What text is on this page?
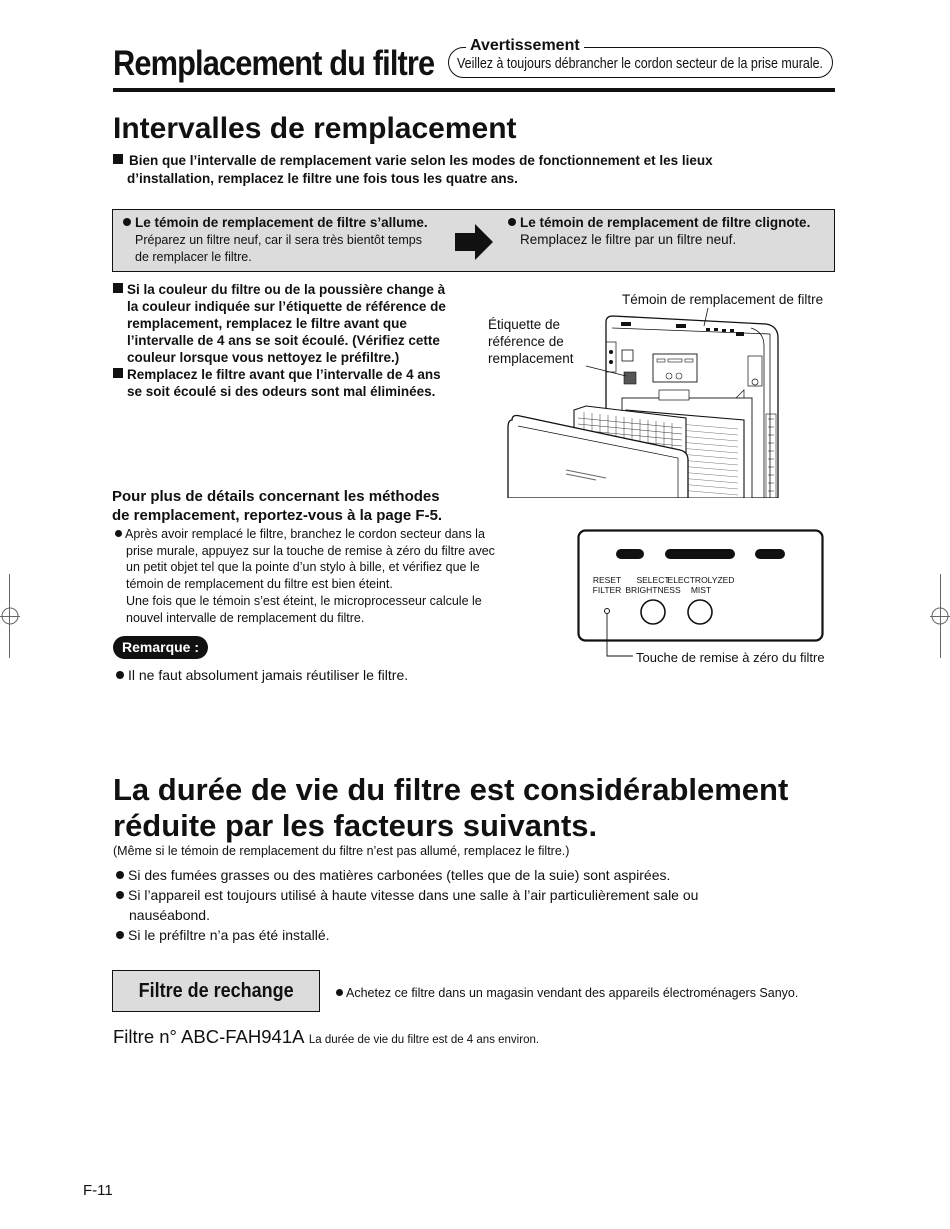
Remplacement du filtre Avertissement
Veillez à toujours débrancher le cordon secteur de la prise murale.
Intervalles de remplacement
Bien que l’intervalle de remplacement varie selon les modes de fonctionnement et les lieux
d’installation, remplacez le filtre une fois tous les quatre ans.
Le témoin de remplacement de filtre s’allume.
Préparez un filtre neuf, car il sera très bientôt temps
de remplacer le filtre.
Le témoin de remplacement de filtre clignote.
Remplacez le filtre par un filtre neuf.
Si la couleur du filtre ou de la poussière change à la couleur indiquée sur l’étiquette de référence de remplacement, remplacez le filtre avant que l’intervalle de 4 ans se soit écoulé. (Vérifiez cette couleur lorsque vous nettoyez le préfiltre.)
Remplacez le filtre avant que l’intervalle de 4 ans se soit écoulé si des odeurs sont mal éliminées.
Témoin de remplacement de filtre
Étiquette de
référence de
remplacement
Pour plus de détails concernant les méthodes
de remplacement, reportez-vous à la page F-5.
Après avoir remplacé le filtre, branchez le cordon secteur dans la
prise murale, appuyez sur la touche de remise à zéro du filtre avec
un petit objet tel que la pointe d’un stylo à bille, et vérifiez que le
témoin de remplacement du filtre est bien éteint.
Une fois que le témoin s’est éteint, le microprocesseur calcule le
nouvel intervalle de remplacement du filtre.
RESET
FILTER
SELECT
BRIGHTNESS
ELECTROLYZED
MIST
Touche de remise à zéro du filtre
Remarque :
Il ne faut absolument jamais réutiliser le filtre.
La durée de vie du filtre est considérablement
réduite par les facteurs suivants.
(Même si le témoin de remplacement du filtre n’est pas allumé, remplacez le filtre.)
Si des fumées grasses ou des matières carbonées (telles que de la suie) sont aspirées.
Si l’appareil est toujours utilisé à haute vitesse dans une salle à l’air particulièrement sale ou
nauséabond.
Si le préfiltre n’a pas été installé.
Filtre de rechange	Achetez ce filtre dans un magasin vendant des appareils électroménagers Sanyo.
Filtre n° ABC-FAH941A La durée de vie du filtre est de 4 ans environ.
F-11
